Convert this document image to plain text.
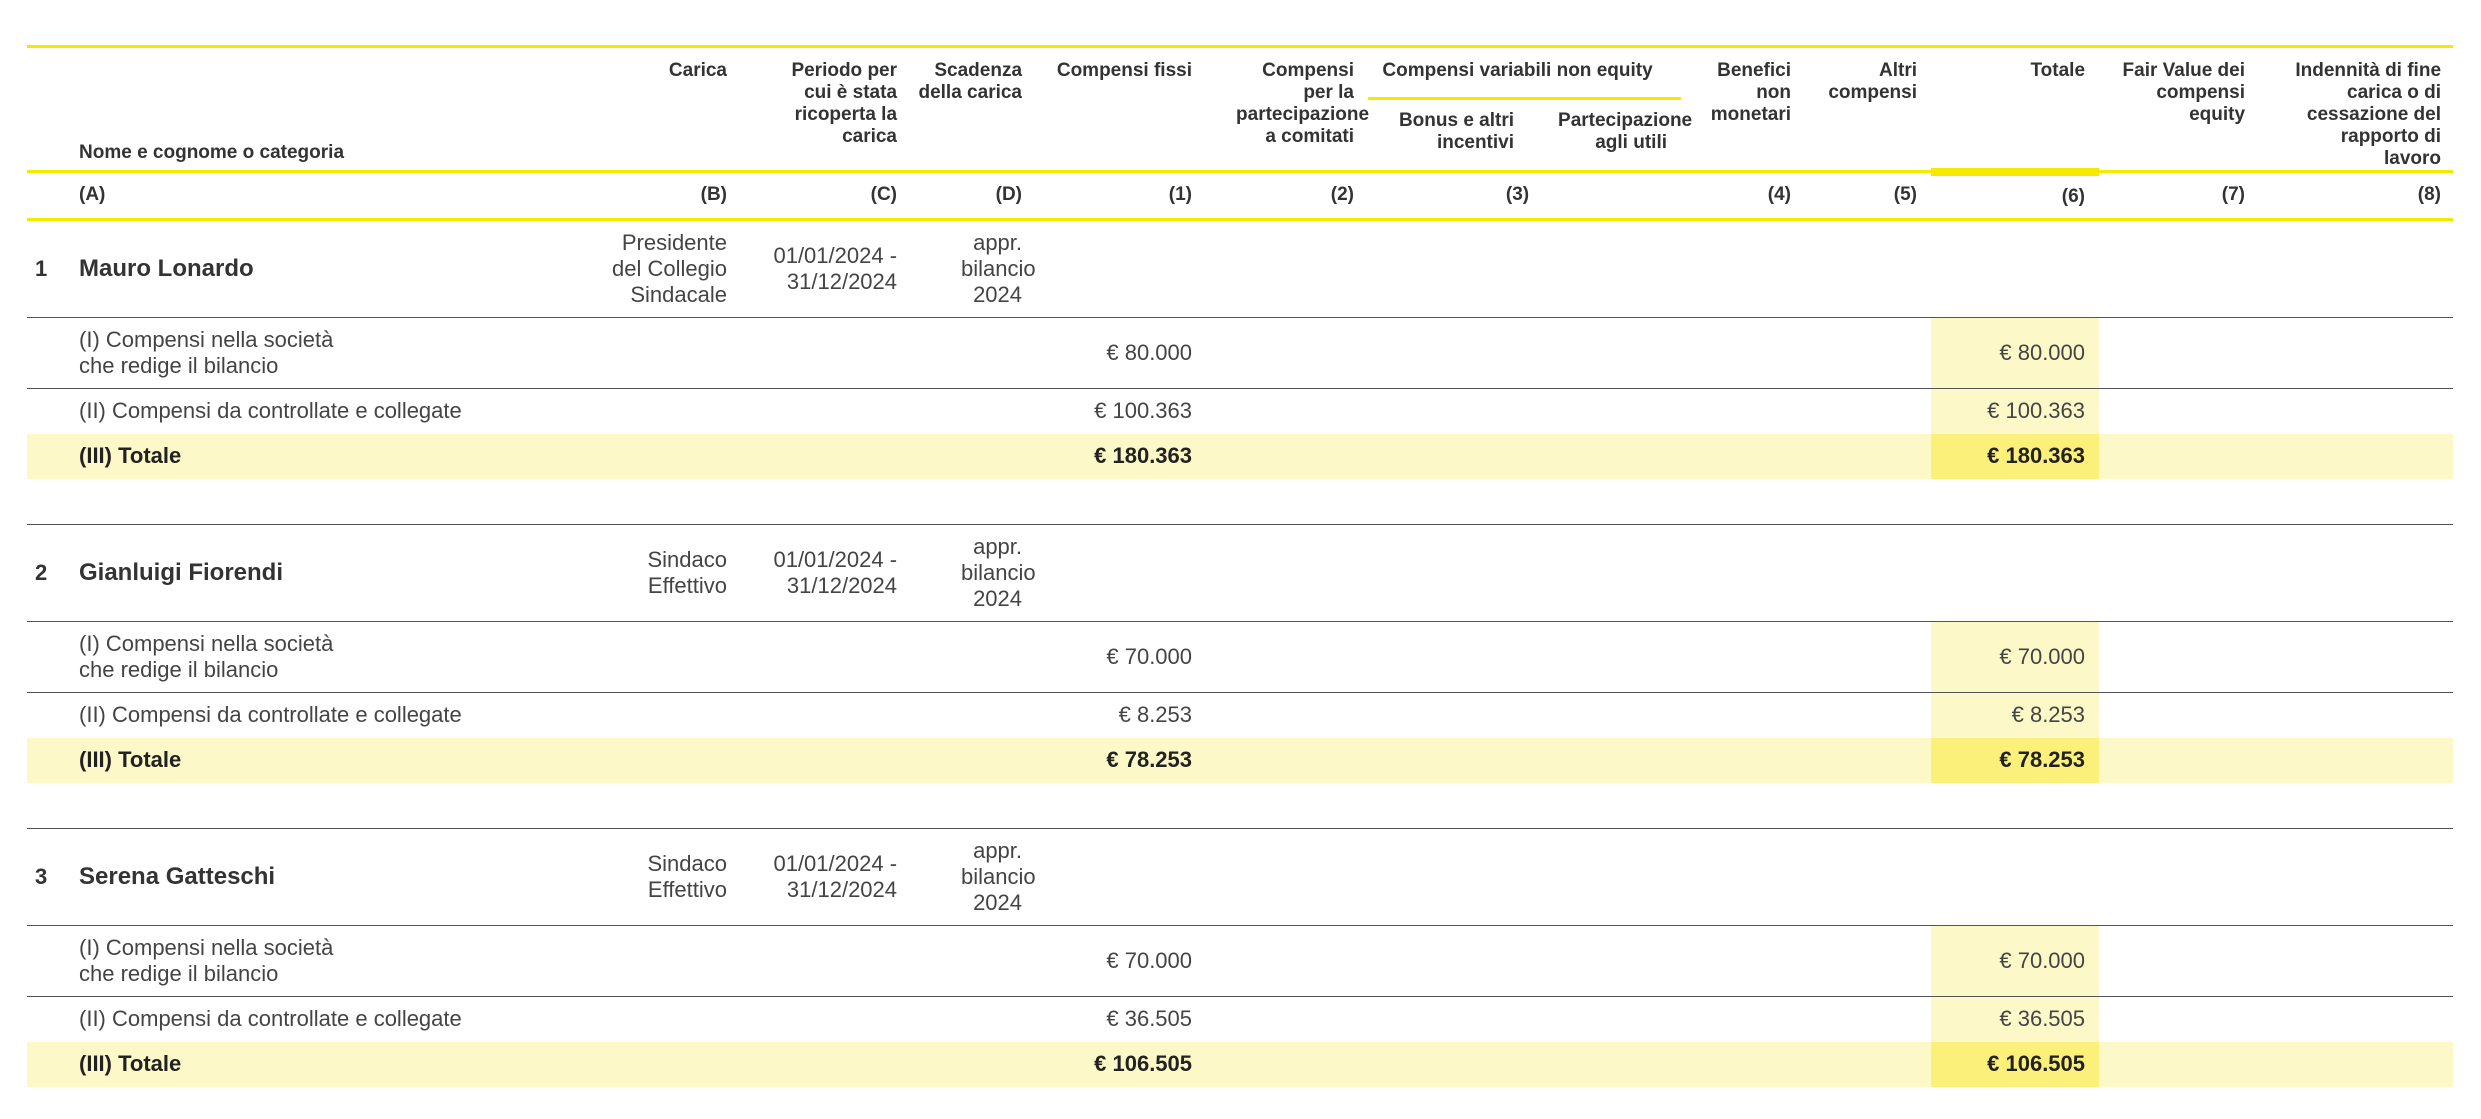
Nome e cognome o categoria		Carica	Periodo per cui è stata ricoperta la carica	Scadenza della carica	Compensi fissi	Compensi per la partecipazione a comitati	Compensi variabili non equity		Benefici non monetari	Altri compensi	Totale	Fair Value dei compensi equity	Indennità di fine carica o di cessazione del rapporto di lavoro
							Bonus e altri incentivi	Partecipazione agli utili					
(A)		(B)	(C)	(D)	(1)	(2)	(3)		(4)	(5)	(6)	(7)	(8)
1	Mauro Lonardo	Presidente del Collegio Sindacale	01/01/2024 - 31/12/2024	appr. bilancio 2024									
	(I) Compensi nella società che redige il bilancio				€ 80.000						€ 80.000		
	(II) Compensi da controllate e collegate				€ 100.363						€ 100.363		
	(III) Totale				€ 180.363						€ 180.363		

2	Gianluigi Fiorendi	Sindaco Effettivo	01/01/2024 - 31/12/2024	appr. bilancio 2024									
	(I) Compensi nella società che redige il bilancio				€ 70.000						€ 70.000		
	(II) Compensi da controllate e collegate				€ 8.253						€ 8.253		
	(III) Totale				€ 78.253						€ 78.253		

3	Serena Gatteschi	Sindaco Effettivo	01/01/2024 - 31/12/2024	appr. bilancio 2024									
	(I) Compensi nella società che redige il bilancio				€ 70.000						€ 70.000		
	(II) Compensi da controllate e collegate				€ 36.505						€ 36.505		
	(III) Totale				€ 106.505						€ 106.505		
